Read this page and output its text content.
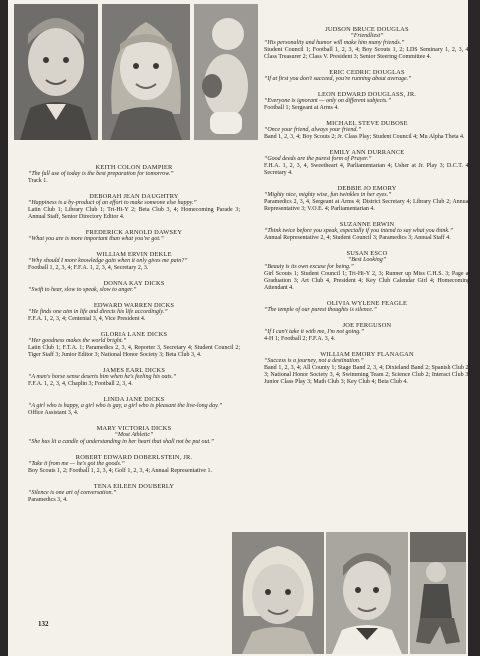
KEITH COLON DAMPIER
“The full use of today is the best preparation for tomorrow.”
Track 1.
DEBORAH JEAN DAUGHTRY
“Happiness is a by-product of an effort to make someone else happy.”
Latin Club 1; Library Club 1; Tri-Hi-Y 2; Beta Club 3, 4; Homecoming Parade 3; Annual Staff, Senior Directory Editor 4.
FREDERICK ARNOLD DAWSEY
“What you are is more important than what you've got.”
WILLIAM ERVIN DEKLE
“Why should I more knowledge gain when it only gives me pain?”
Football 1, 2, 3, 4; F.F.A. 1, 2, 3, 4, Secretary 2, 3.
DONNA KAY DICKS
“Swift to hear, slow to speak, slow to anger.”
EDWARD WARREN DICKS
“He finds one aim in life and directs his life accordingly.”
F.F.A. 1, 2, 3, 4; Centenial 3, 4, Vice President 4.
GLORIA LANE DICKS
“Her goodness makes the world bright.”
Latin Club 1; F.T.A. 1; Paramedics 2, 3, 4, Reporter 3, Secretary 4; Student Council 2; Tiger Staff 3; Junior Editor 3; National Honor Society 3; Beta Club 3, 4.
JAMES EARL DICKS
“A man's horse sense deserts him when he's feeling his oats.”
F.F.A. 1, 2, 3, 4, Chaplin 3; Football 2, 3, 4.
LINDA JANE DICKS
“A girl who is happy, a girl who is gay, a girl who is pleasant the live-long day.”
Office Assistant 3, 4.
MARY VICTORIA DICKS
“Most Athletic”
“She has lit a candle of understanding in her heart that shall not be put out.”
ROBERT EDWARD DOBERLSTEIN, JR.
“Take it from me — he's got the goods.”
Boy Scouts 1, 2; Football 1, 2, 3, 4; Golf 1, 2, 3, 4; Annual Representative 1.
TENA EILEEN DOUBERLY
“Silence is one art of conversation.”
Paramedics 3, 4.
JUDSON BRUCE DOUGLAS
“Friendliest”
“His personality and humor will make him many friends.”
Student Council 1; Football 1, 2, 3, 4; Boy Scouts 1, 2; LDS Seminary 1, 2, 3, 4; Class Treasurer 2; Class V. President 3; Senior Steering Committee 4.
ERIC CEDRIC DOUGLAS
“If at first you don't succeed, you're running about average.”
LEON EDWARD DOUGLASS, JR.
“Everyone is ignorant — only on different subjects.”
Football 1; Sergeant at Arms 4.
MICHAEL STEVE DUBOSE
“Once your friend, always your friend.”
Band 1, 2, 3, 4; Boy Scouts 2; Jr. Class Play; Student Council 4; Mu Alpha Theta 4.
EMILY ANN DURRANCE
“Good deeds are the purest form of Prayer.”
F.H.A. 1, 2, 3, 4, Sweetheart 4, Parliamentarian 4; Usher at Jr. Play 3; D.C.T. 4, Secretary 4.
DEBBIE JO EMORY
“Mighty nice, mighty wise, fun twinkles in her eyes.”
Paramedics 2, 3, 4, Sergeant at Arms 4; District Secretary 4; Library Club 2; Annual Representative 3; V.O.E. 4; Parliamentarian 4.
SUZANNE ERWIN
“Think twice before you speak, especially if you intend to say what you think.”
Annual Representative 2, 4; Student Council 3; Paramedics 3; Annual Staff 4.
SUSAN ESCO
“Best Looking”
“Beauty is its own excuse for being.”
Girl Scouts 1; Student Council 1; Tri-Hi-Y 2, 3; Runner up Miss C.H.S. 3; Page at Graduation 3; Art Club 4, President 4; Key Club Calendar Girl 4; Homecoming Attendant 4.
OLIVIA WYLENE FEAGLE
“The temple of our purest thoughts is silence.”
JOE FERGUSON
“If I can't take it with me, I'm not going.”
4-H 1; Football 2; F.F.A. 3, 4.
WILLIAM EMORY FLANAGAN
“Success is a journey, not a destination.”
Band 1, 2, 3, 4; All County 1; Stage Band 2, 3, 4; Dixieland Band 2; Spanish Club 2, 3; National Honor Society 3, 4; Swimming Team 2; Science Club 2; Interact Club 3; Junior Class Play 3; Math Club 3; Key Club 4; Beta Club 4.
132
